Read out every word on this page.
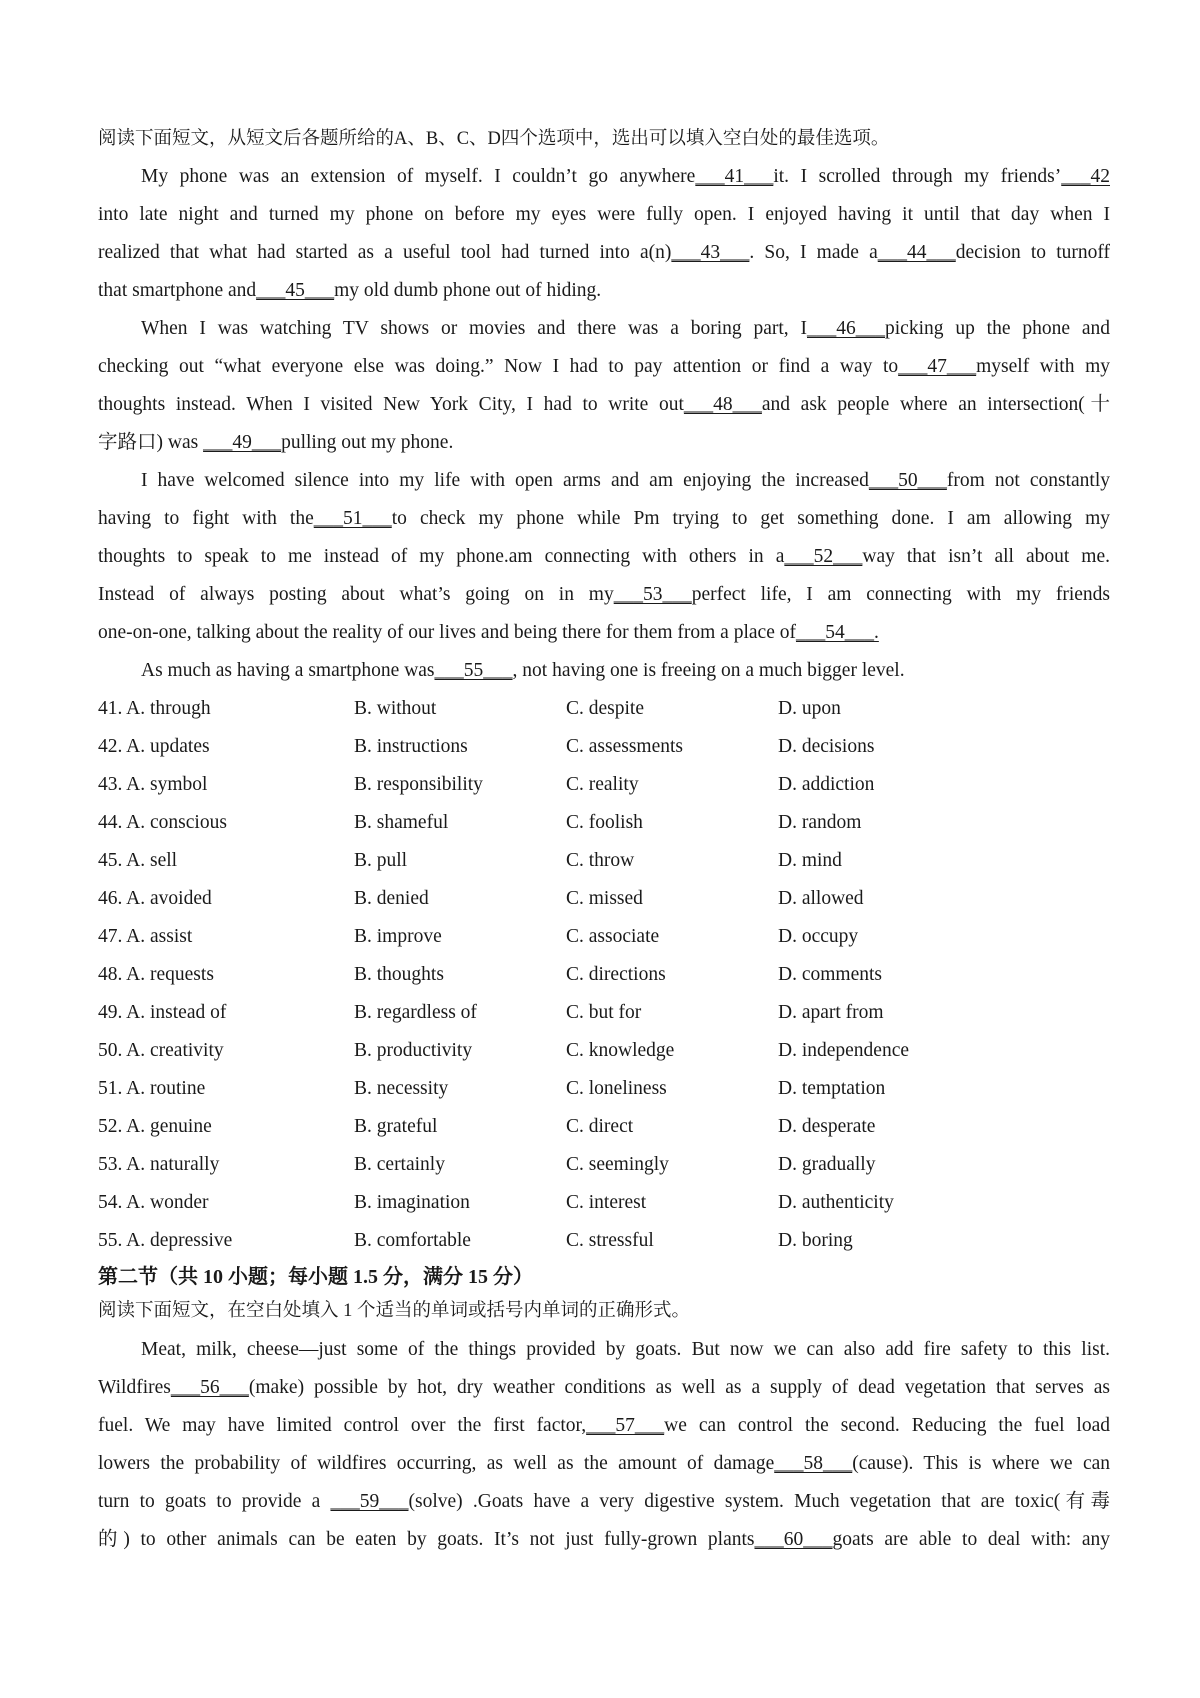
阅读下面短文，从短文后各题所给的A、B、C、D四个选项中，选出可以填入空白处的最佳选项。
My phone was an extension of myself. I couldn’t go anywhere___41___it. I scrolled through my friends’___42
into late night and turned my phone on before my eyes were fully open. I enjoyed having it until that day when I
realized that what had started as a useful tool had turned into a(n)___43___. So, I made a___44___decision to turnoff
that smartphone and___45___my old dumb phone out of hiding.
When I was watching TV shows or movies and there was a boring part, I___46___picking up the phone and
checking out “what everyone else was doing.” Now I had to pay attention or find a way to___47___myself with my
thoughts instead. When I visited New York City, I had to write out___48___and ask people where an intersection(十
字路口) was ___49___pulling out my phone.
I have welcomed silence into my life with open arms and am enjoying the increased___50___from not constantly
having to fight with the___51___to check my phone while Pm trying to get something done. I am allowing my
thoughts to speak to me instead of my phone.am connecting with others in a___52___way that isn’t all about me.
Instead of always posting about what’s going on in my___53___perfect life, I am connecting with my friends
one-on-one, talking about the reality of our lives and being there for them from a place of___54___.
As much as having a smartphone was___55___, not having one is freeing on a much bigger level.
41. A. through	B. without	C. despite	D. upon
42. A. updates	B. instructions	C. assessments	D. decisions
43. A. symbol	B. responsibility	C. reality	D. addiction
44. A. conscious	B. shameful	C. foolish	D. random
45. A. sell	B. pull	C. throw	D. mind
46. A. avoided	B. denied	C. missed	D. allowed
47. A. assist	B. improve	C. associate	D. occupy
48. A. requests	B. thoughts	C. directions	D. comments
49. A. instead of	B. regardless of	C. but for	D. apart from
50. A. creativity	B. productivity	C. knowledge	D. independence
51. A. routine	B. necessity	C. loneliness	D. temptation
52. A. genuine	B. grateful	C. direct	D. desperate
53. A. naturally	B. certainly	C. seemingly	D. gradually
54. A. wonder	B. imagination	C. interest	D. authenticity
55. A. depressive	B. comfortable	C. stressful	D. boring
第二节（共 10 小题；每小题 1.5 分，满分 15 分）
阅读下面短文，在空白处填入 1 个适当的单词或括号内单词的正确形式。
Meat, milk, cheese—just some of the things provided by goats. But now we can also add fire safety to this list.
Wildfires___56___(make) possible by hot, dry weather conditions as well as a supply of dead vegetation that serves as
fuel. We may have limited control over the first factor,___57___we can control the second. Reducing the fuel load
lowers the probability of wildfires occurring, as well as the amount of damage___58___(cause). This is where we can
turn to goats to provide a ___59___(solve) .Goats have a very digestive system. Much vegetation that are toxic(有毒
的) to other animals can be eaten by goats. It’s not just fully-grown plants___60___goats are able to deal with: any
